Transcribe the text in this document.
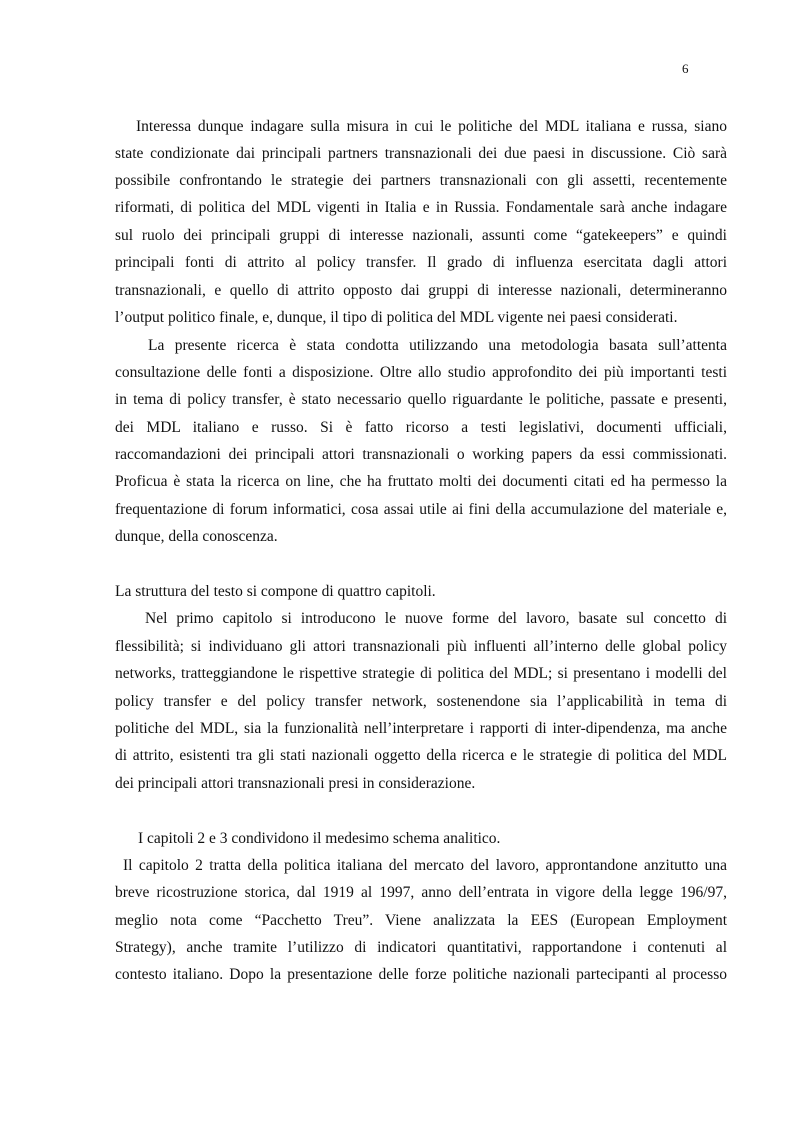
6
Interessa dunque indagare sulla misura in cui le politiche del MDL italiana e russa, siano
state condizionate dai principali partners transnazionali dei due paesi in discussione. Ciò sarà
possibile confrontando le strategie dei partners transnazionali con gli assetti, recentemente
riformati, di politica del MDL vigenti in Italia e in Russia. Fondamentale sarà anche indagare
sul ruolo dei principali gruppi di interesse nazionali, assunti come “gatekeepers” e quindi
principali fonti di attrito al policy transfer. Il grado di influenza esercitata dagli attori
transnazionali, e quello di attrito opposto dai gruppi di interesse nazionali, determineranno
l’output politico finale, e, dunque, il tipo di politica del MDL vigente nei paesi considerati.
La presente ricerca è stata condotta utilizzando una metodologia basata sull’attenta
consultazione delle fonti a disposizione. Oltre allo studio approfondito dei più importanti testi
in tema di policy transfer, è stato necessario quello riguardante le politiche, passate e presenti,
dei MDL italiano e russo. Si è fatto ricorso a testi legislativi, documenti ufficiali,
raccomandazioni dei principali attori transnazionali o working papers da essi commissionati.
Proficua è stata la ricerca on line, che ha fruttato molti dei documenti citati ed ha permesso la
frequentazione di forum informatici, cosa assai utile ai fini della accumulazione del materiale e,
dunque, della conoscenza.
La struttura del testo si compone di quattro capitoli.
Nel primo capitolo si introducono le nuove forme del lavoro, basate sul concetto di
flessibilità; si individuano gli attori transnazionali più influenti all’interno delle global policy
networks, tratteggiandone le rispettive strategie di politica del MDL; si presentano i modelli del
policy transfer e del policy transfer network, sostenendone sia l’applicabilità in tema di
politiche del MDL, sia la funzionalità nell’interpretare i rapporti di inter-dipendenza, ma anche
di attrito, esistenti tra gli stati nazionali oggetto della ricerca e le strategie di politica del MDL
dei principali attori transnazionali presi in considerazione.
I capitoli 2 e 3 condividono il medesimo schema analitico.
Il capitolo 2 tratta della politica italiana del mercato del lavoro, approntandone anzitutto una
breve ricostruzione storica, dal 1919 al 1997, anno dell’entrata in vigore della legge 196/97,
meglio nota come “Pacchetto Treu”. Viene analizzata la EES (European Employment
Strategy), anche tramite l’utilizzo di indicatori quantitativi, rapportandone i contenuti al
contesto italiano. Dopo la presentazione delle forze politiche nazionali partecipanti al processo
